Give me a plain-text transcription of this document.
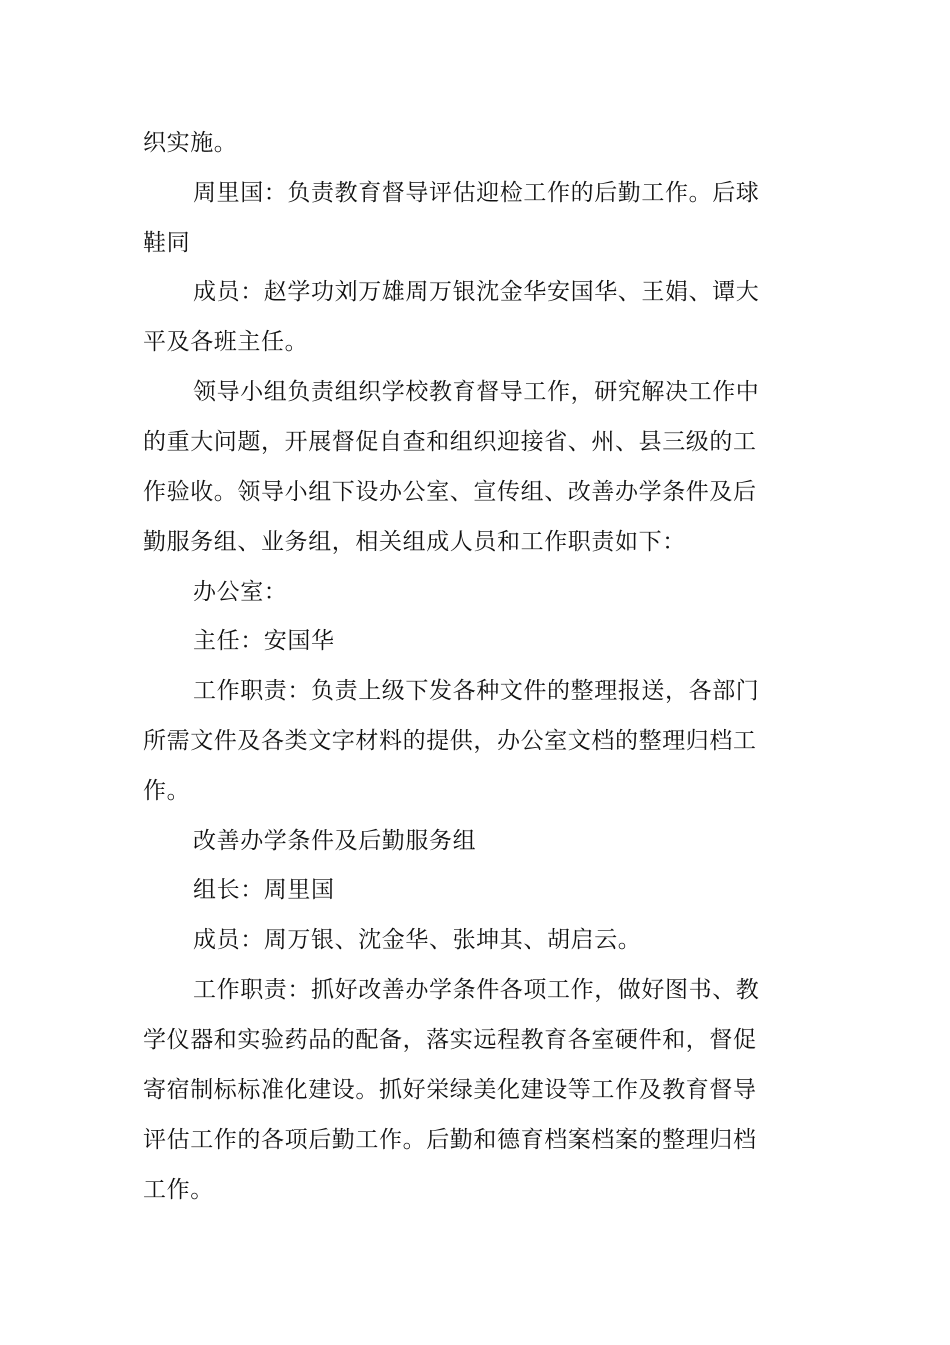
织实施。
周里国：负责教育督导评估迎检工作的后勤工作。后球
鞋同
成员：赵学功刘万雄周万银沈金华安国华、王娟、谭大
平及各班主任。
领导小组负责组织学校教育督导工作，研究解决工作中
的重大问题，开展督促自查和组织迎接省、州、县三级的工
作验收。领导小组下设办公室、宣传组、改善办学条件及后
勤服务组、业务组，相关组成人员和工作职责如下：
办公室：
主任：安国华
工作职责：负责上级下发各种文件的整理报送，各部门
所需文件及各类文字材料的提供，办公室文档的整理归档工
作。
改善办学条件及后勤服务组
组长：周里国
成员：周万银、沈金华、张坤其、胡启云。
工作职责：抓好改善办学条件各项工作，做好图书、教
学仪器和实验药品的配备，落实远程教育各室硬件和，督促
寄宿制标标准化建设。抓好栄绿美化建设等工作及教育督导
评估工作的各项后勤工作。后勤和德育档案档案的整理归档
工作。
